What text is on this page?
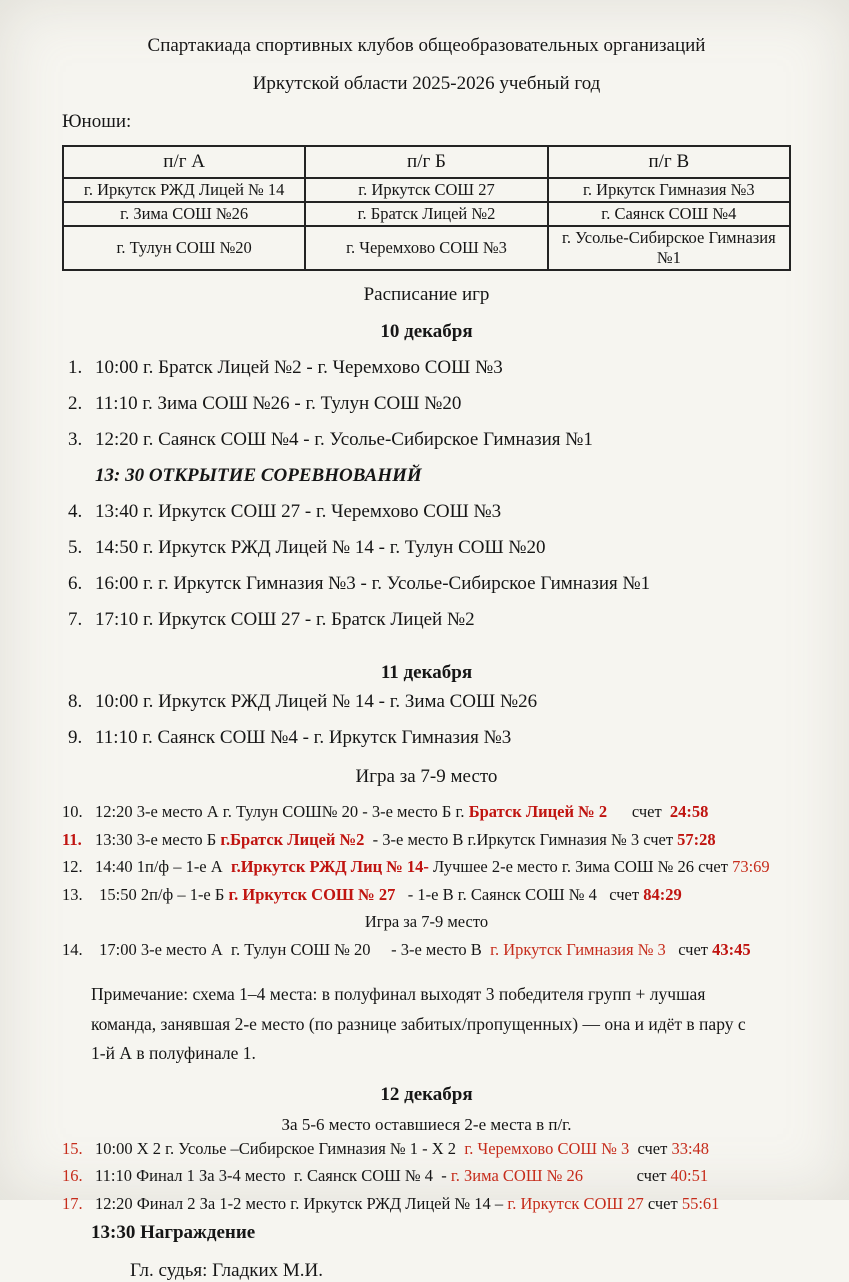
Спартакиада спортивных клубов общеобразовательных организаций
Иркутской области 2025-2026 учебный год
Юноши:
п/г А	п/г Б	п/г В
г. Иркутск РЖД Лицей № 14	г. Иркутск СОШ 27	г. Иркутск Гимназия №3
г. Зима СОШ №26	г. Братск Лицей №2	г. Саянск СОШ №4
г. Тулун СОШ №20	г. Черемхово СОШ №3	г. Усолье-Сибирское Гимназия №1
Расписание игр
10 декабря
1. 10:00 г. Братск Лицей №2 - г. Черемхово СОШ №3
2. 11:10 г. Зима СОШ №26 - г. Тулун СОШ №20
3. 12:20 г. Саянск СОШ №4 - г. Усолье-Сибирское Гимназия №1
13: 30 ОТКРЫТИЕ СОРЕВНОВАНИЙ
4. 13:40 г. Иркутск СОШ 27 - г. Черемхово СОШ №3
5. 14:50 г. Иркутск РЖД Лицей № 14 - г. Тулун СОШ №20
6. 16:00 г. г. Иркутск Гимназия №3 - г. Усолье-Сибирское Гимназия №1
7. 17:10 г. Иркутск СОШ 27 - г. Братск Лицей №2
11 декабря
8. 10:00 г. Иркутск РЖД Лицей № 14 - г. Зима СОШ №26
9. 11:10 г. Саянск СОШ №4 - г. Иркутск Гимназия №3
Игра за 7-9 место
10. 12:20 3-е место А г. Тулун СОШ№ 20 - 3-е место Б г. Братск Лицей № 2      счет  24:58
11. 13:30 3-е место Б г.Братск Лицей №2  - 3-е место В г.Иркутск Гимназия № 3 счет 57:28
12. 14:40 1п/ф – 1-е А  г.Иркутск РЖД Лиц № 14- Лучшее 2-е место г. Зима СОШ № 26 счет 73:69
13. 15:50 2п/ф – 1-е Б г. Иркутск СОШ № 27   - 1-е В г. Саянск СОШ № 4   счет 84:29
Игра за 7-9 место
14. 17:00 3-е место А  г. Тулун СОШ № 20     - 3-е место В  г. Иркутск Гимназия № 3   счет 43:45
Примечание: схема 1–4 места: в полуфинал выходят 3 победителя групп + лучшая команда, занявшая 2-е место (по разнице забитых/пропущенных) — она и идёт в пару с 1-й А в полуфинале 1.
12 декабря
За 5-6 место оставшиеся 2-е места в п/г.
15. 10:00 Х 2 г. Усолье –Сибирское Гимназия № 1 - Х 2  г. Черемхово СОШ № 3  счет 33:48
16. 11:10 Финал 1 За 3-4 место  г. Саянск СОШ № 4  - г. Зима СОШ № 26             счет 40:51
17. 12:20 Финал 2 За 1-2 место г. Иркутск РЖД Лицей № 14 – г. Иркутск СОШ 27 счет 55:61
13:30 Награждение
Гл. судья: Гладких М.И.
